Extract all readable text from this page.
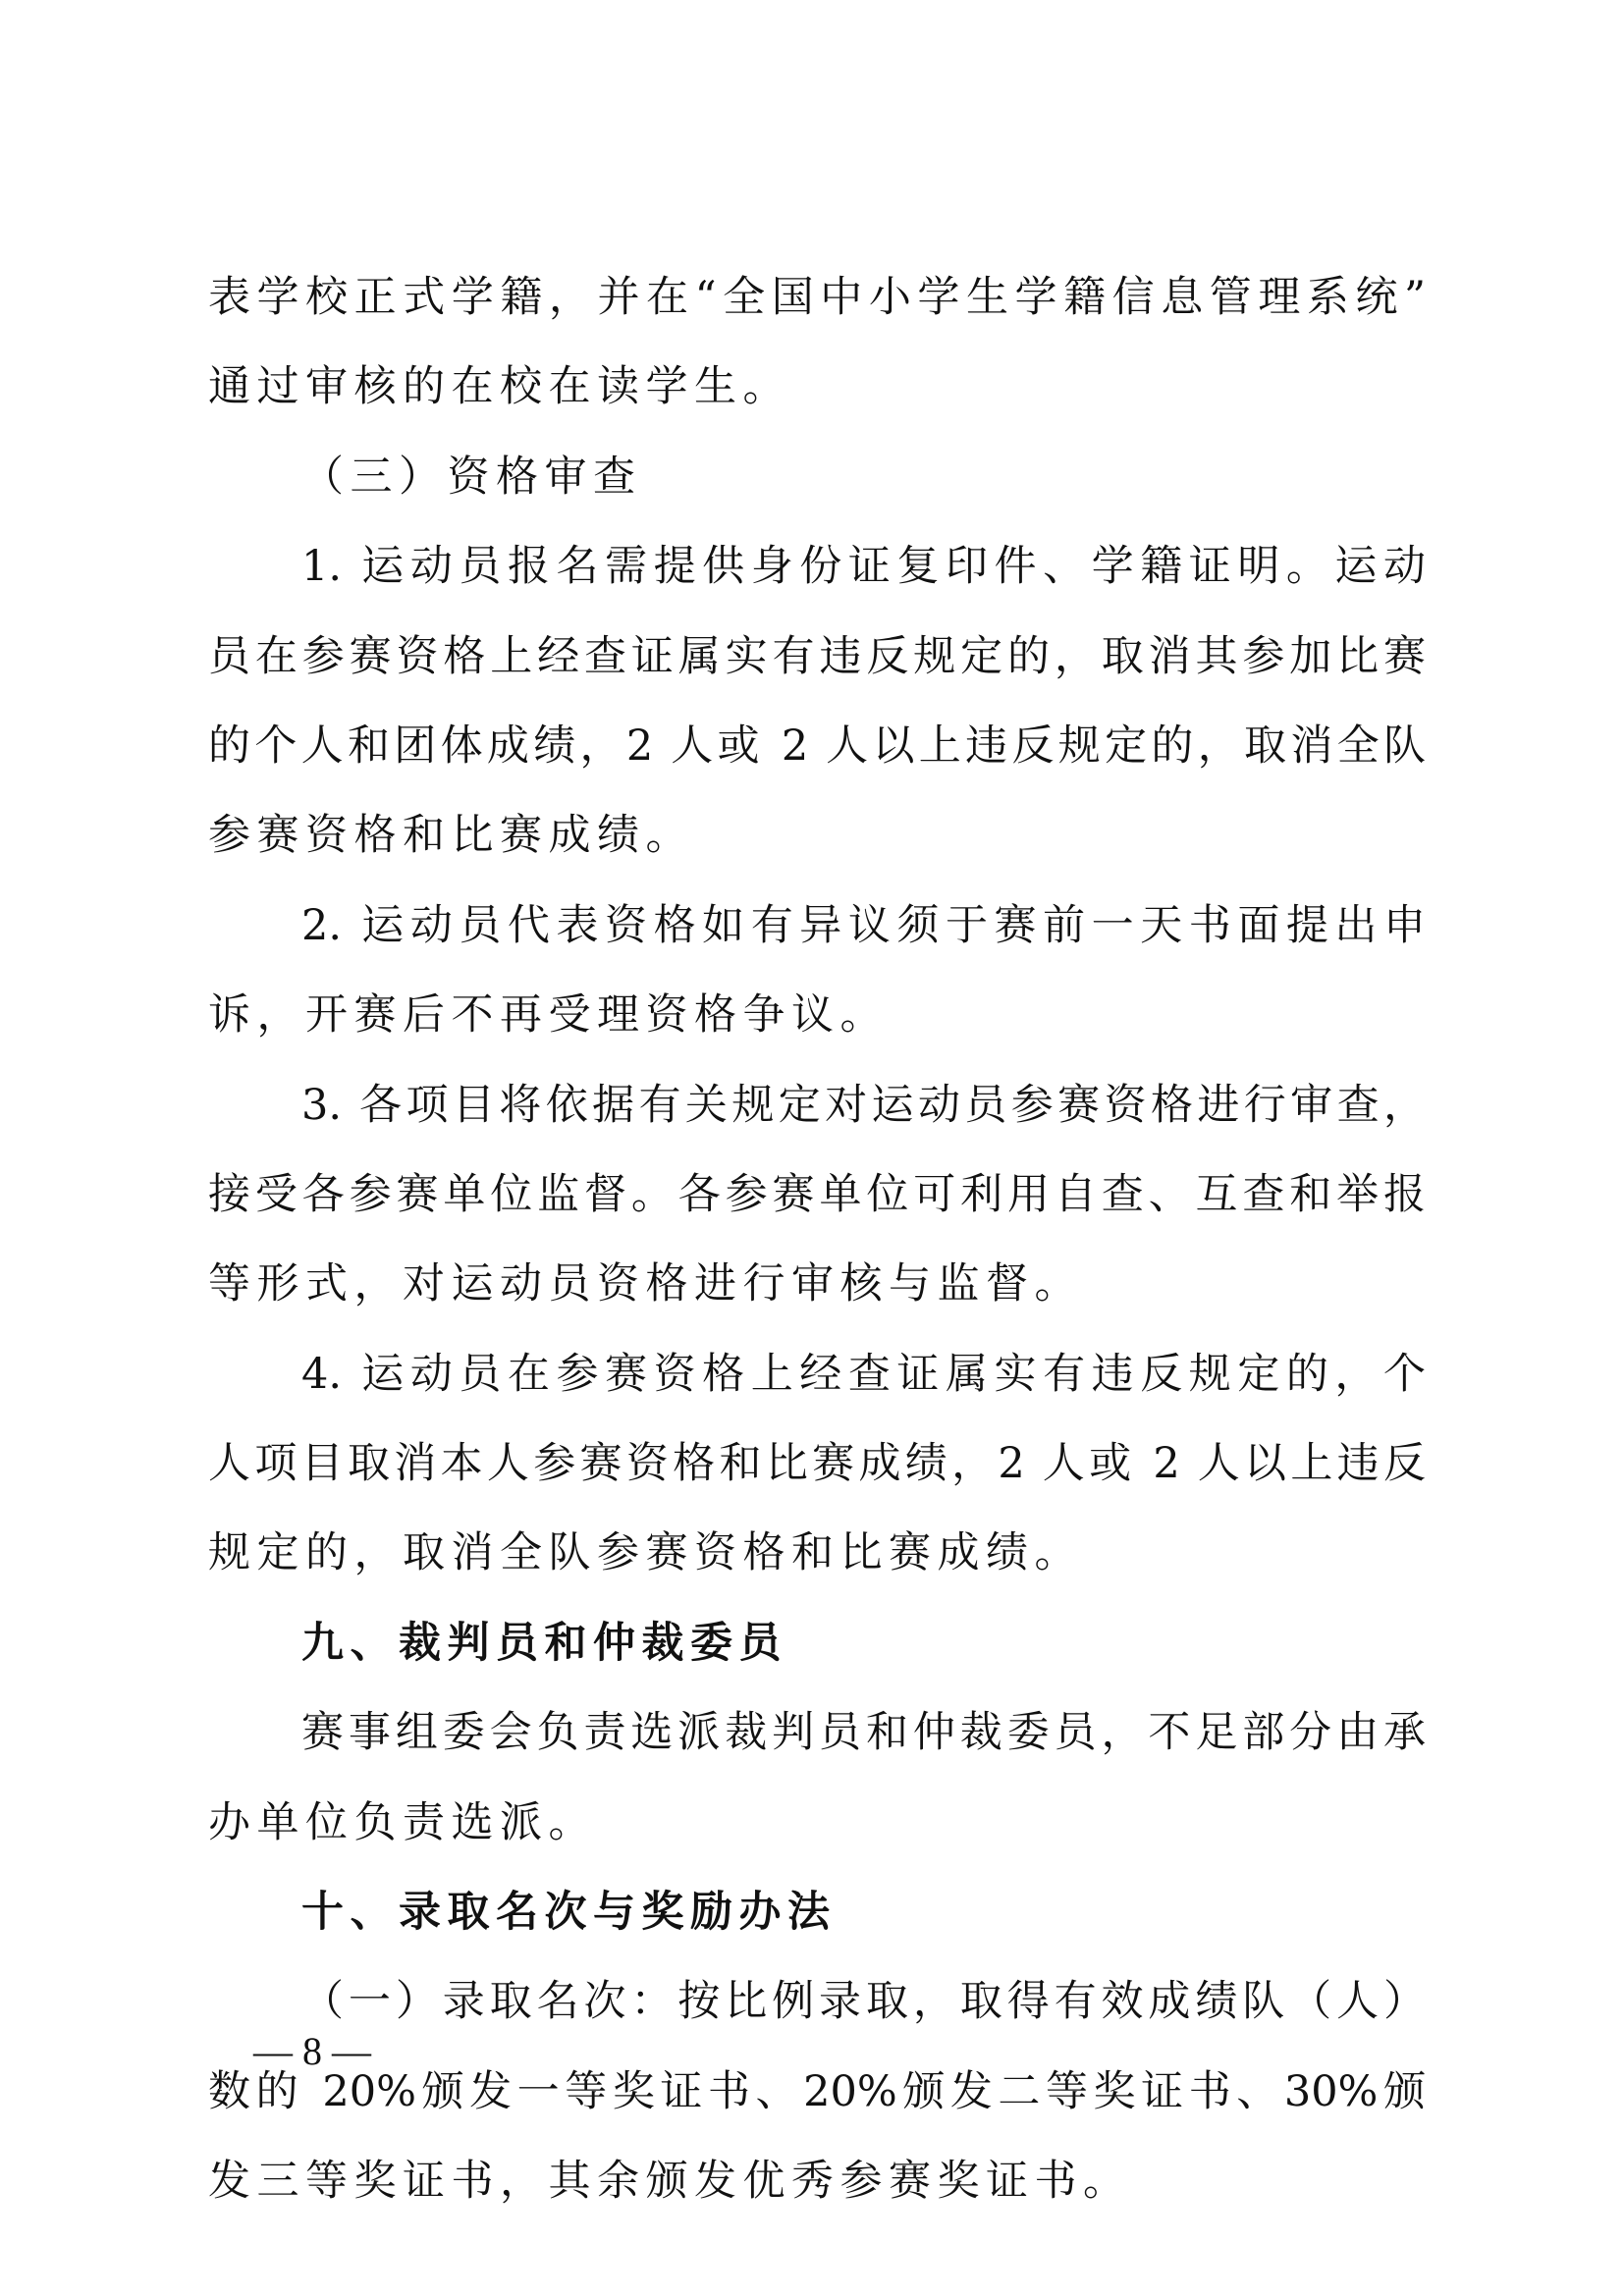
表学校正式学籍，并在“全国中小学生学籍信息管理系统”
通过审核的在校在读学生。
（三）资格审查
1. 运动员报名需提供身份证复印件、学籍证明。运动
员在参赛资格上经查证属实有违反规定的，取消其参加比赛
的个人和团体成绩，2 人或 2 人以上违反规定的，取消全队
参赛资格和比赛成绩。
2. 运动员代表资格如有异议须于赛前一天书面提出申
诉，开赛后不再受理资格争议。
3. 各项目将依据有关规定对运动员参赛资格进行审查，
接受各参赛单位监督。各参赛单位可利用自查、互查和举报
等形式，对运动员资格进行审核与监督。
4. 运动员在参赛资格上经查证属实有违反规定的，个
人项目取消本人参赛资格和比赛成绩，2 人或 2 人以上违反
规定的，取消全队参赛资格和比赛成绩。
九、裁判员和仲裁委员
赛事组委会负责选派裁判员和仲裁委员，不足部分由承
办单位负责选派。
十、录取名次与奖励办法
（一）录取名次：按比例录取，取得有效成绩队（人）
数的 20%颁发一等奖证书、20%颁发二等奖证书、30%颁
发三等奖证书，其余颁发优秀参赛奖证书。
— 8 —
